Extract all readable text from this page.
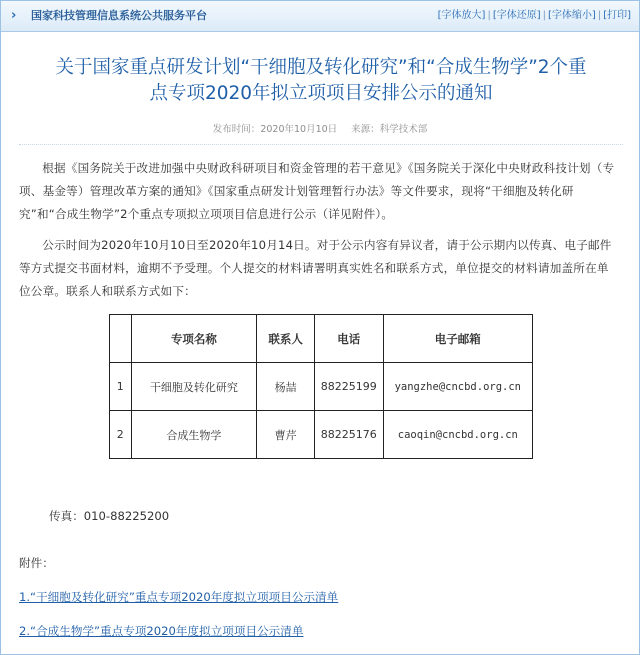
›	国家科技管理信息系统公共服务平台	[字体放大] | [字体还原] | [字体缩小] | [打印]
关于国家重点研发计划“干细胞及转化研究”和“合成生物学”2个重
点专项2020年拟立项项目安排公示的通知
发布时间：2020年10月10日 来源：科学技术部
根据《国务院关于改进加强中央财政科研项目和资金管理的若干意见》《国务院关于深化中央财政科技计划（专项、基金等）管理改革方案的通知》《国家重点研发计划管理暂行办法》等文件要求，现将“干细胞及转化研究”和“合成生物学”2个重点专项拟立项项目信息进行公示（详见附件）。
公示时间为2020年10月10日至2020年10月14日。对于公示内容有异议者，请于公示期内以传真、电子邮件等方式提交书面材料，逾期不予受理。个人提交的材料请署明真实姓名和联系方式，单位提交的材料请加盖所在单位公章。联系人和联系方式如下：
	专项名称	联系人	电话	电子邮箱
1	干细胞及转化研究	杨喆	88225199	yangzhe@cncbd.org.cn
2	合成生物学	曹芹	88225176	caoqin@cncbd.org.cn
传真：010-88225200
附件：
1.“干细胞及转化研究”重点专项2020年度拟立项项目公示清单
2.“合成生物学”重点专项2020年度拟立项项目公示清单
